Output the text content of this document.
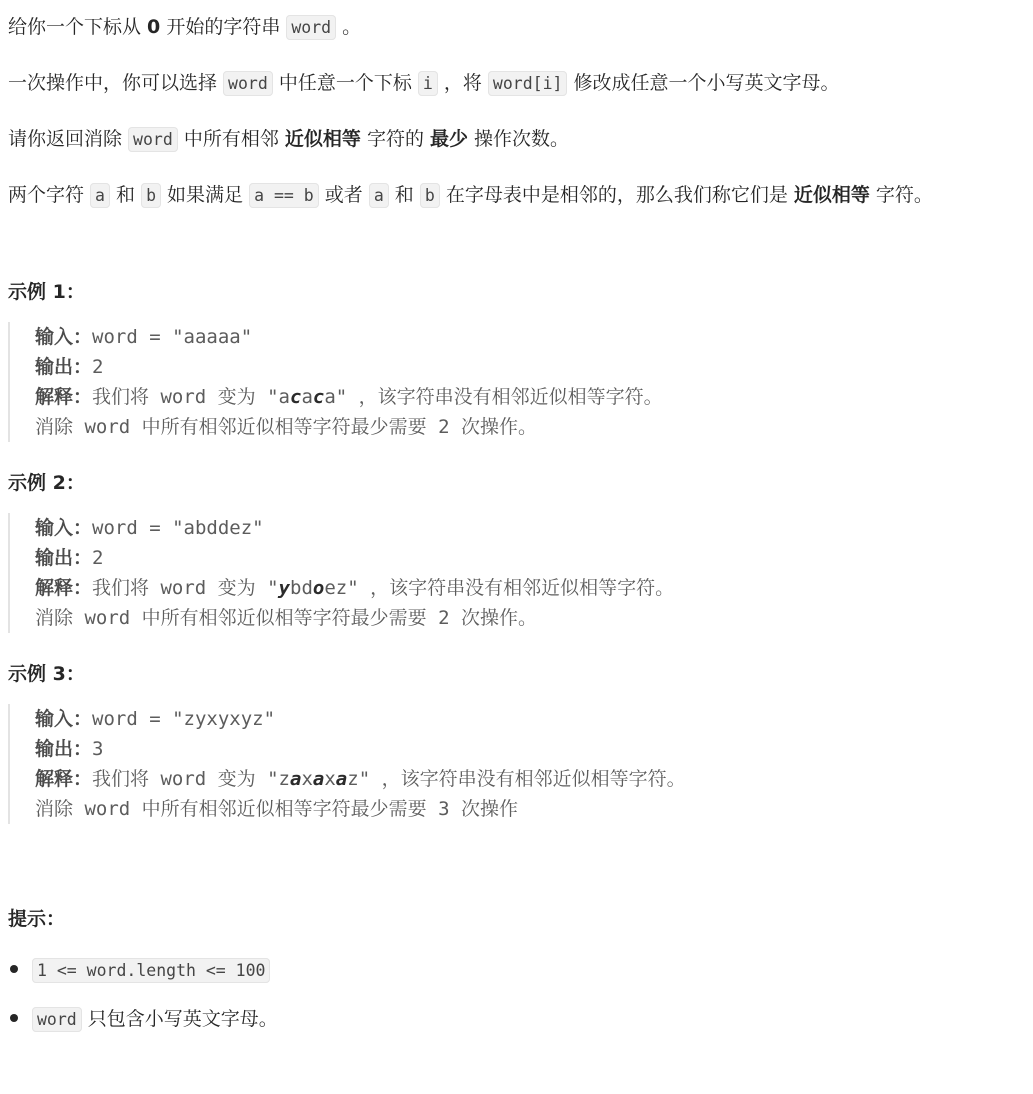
给你一个下标从 0 开始的字符串 word 。

一次操作中，你可以选择 word 中任意一个下标 i ，将 word[i] 修改成任意一个小写英文字母。

请你返回消除 word 中所有相邻 近似相等 字符的 最少 操作次数。

两个字符 a 和 b 如果满足 a == b 或者 a 和 b 在字母表中是相邻的，那么我们称它们是 近似相等 字符。

示例 1：

输入：word = "aaaaa"
输出：2
解释：我们将 word 变为 "acaca" ，该字符串没有相邻近似相等字符。
消除 word 中所有相邻近似相等字符最少需要 2 次操作。

示例 2：

输入：word = "abddez"
输出：2
解释：我们将 word 变为 "ybdoez" ，该字符串没有相邻近似相等字符。
消除 word 中所有相邻近似相等字符最少需要 2 次操作。

示例 3：

输入：word = "zyxyxyz"
输出：3
解释：我们将 word 变为 "zaxaxaz" ，该字符串没有相邻近似相等字符。
消除 word 中所有相邻近似相等字符最少需要 3 次操作

提示：

1 <= word.length <= 100
word 只包含小写英文字母。
